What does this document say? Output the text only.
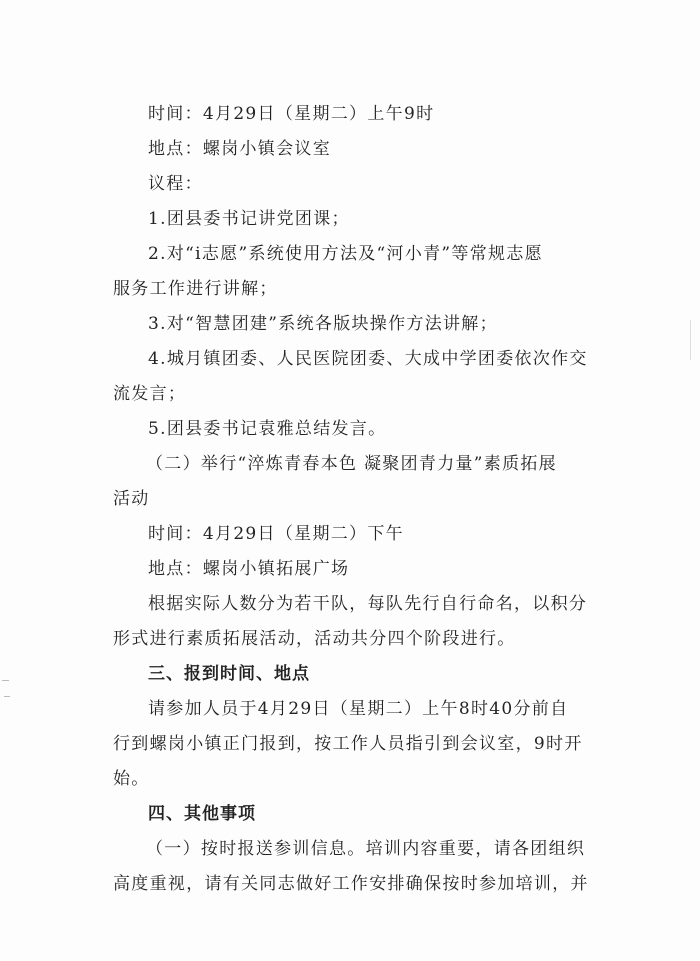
时间：4月29日（星期二）上午9时
地点：螺岗小镇会议室
议程：
1.团县委书记讲党团课；
2.对“i志愿”系统使用方法及“河小青”等常规志愿
服务工作进行讲解；
3.对“智慧团建”系统各版块操作方法讲解；
4.城月镇团委、人民医院团委、大成中学团委依次作交
流发言；
5.团县委书记袁雅总结发言。
（二）举行“淬炼青春本色 凝聚团青力量”素质拓展
活动
时间：4月29日（星期二）下午
地点：螺岗小镇拓展广场
根据实际人数分为若干队，每队先行自行命名，以积分
形式进行素质拓展活动，活动共分四个阶段进行。
三、报到时间、地点
请参加人员于4月29日（星期二）上午8时40分前自
行到螺岗小镇正门报到，按工作人员指引到会议室，9时开
始。
四、其他事项
（一）按时报送参训信息。培训内容重要，请各团组织
高度重视，请有关同志做好工作安排确保按时参加培训，并
